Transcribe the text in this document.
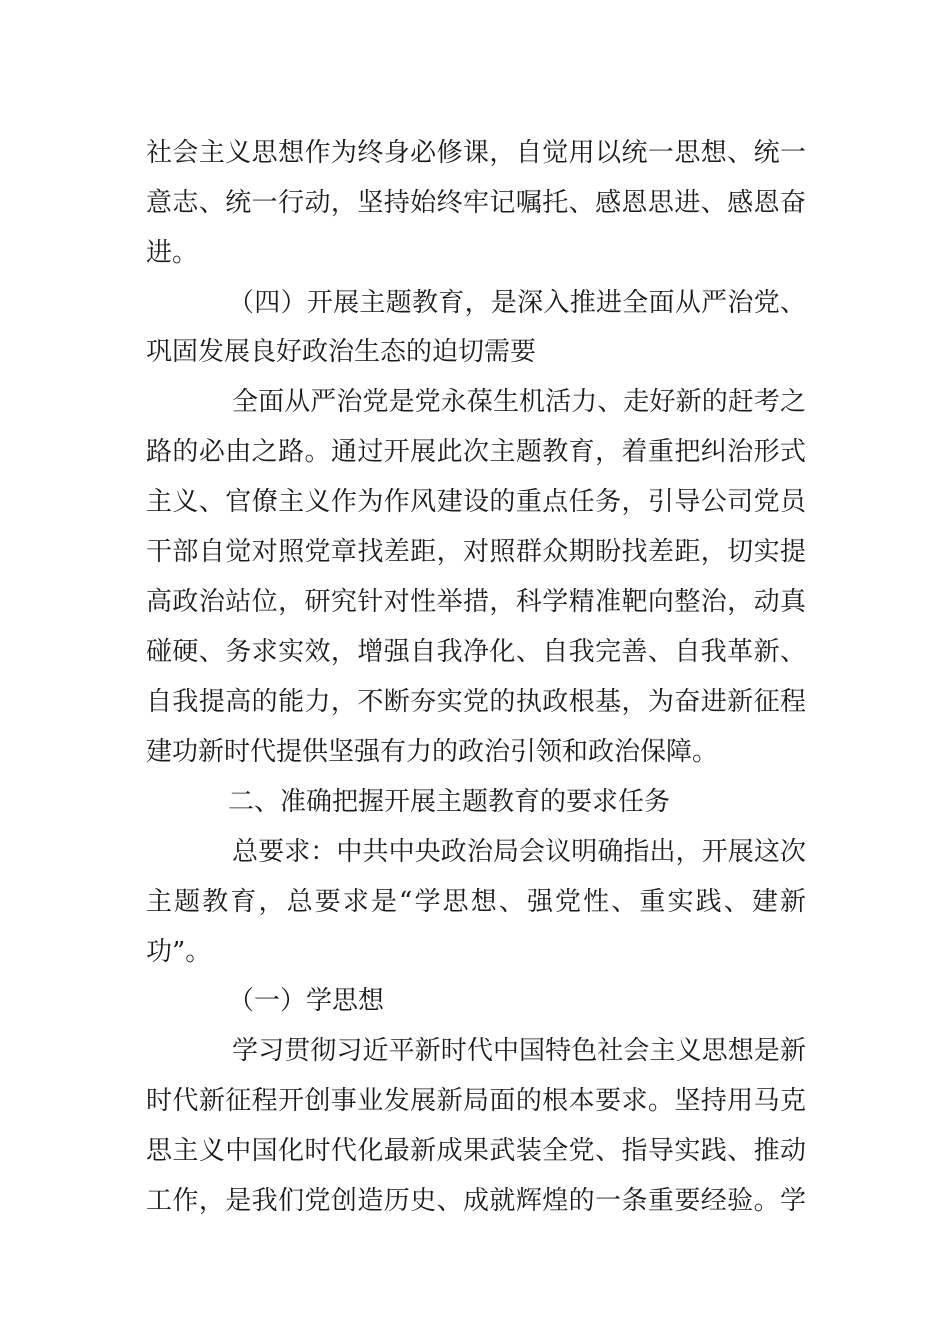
社会主义思想作为终身必修课，自觉用以统一思想、统一
意志、统一行动，坚持始终牢记嘱托、感恩思进、感恩奋
进。
（四）开展主题教育，是深入推进全面从严治党、
巩固发展良好政治生态的迫切需要
全面从严治党是党永葆生机活力、走好新的赶考之
路的必由之路。通过开展此次主题教育，着重把纠治形式
主义、官僚主义作为作风建设的重点任务，引导公司党员
干部自觉对照党章找差距，对照群众期盼找差距，切实提
高政治站位，研究针对性举措，科学精准靶向整治，动真
碰硬、务求实效，增强自我净化、自我完善、自我革新、
自我提高的能力，不断夯实党的执政根基，为奋进新征程
建功新时代提供坚强有力的政治引领和政治保障。
二、准确把握开展主题教育的要求任务
总要求：中共中央政治局会议明确指出，开展这次
主题教育，总要求是“学思想、强党性、重实践、建新
功”。
（一）学思想
学习贯彻习近平新时代中国特色社会主义思想是新
时代新征程开创事业发展新局面的根本要求。坚持用马克
思主义中国化时代化最新成果武装全党、指导实践、推动
工作，是我们党创造历史、成就辉煌的一条重要经验。学
